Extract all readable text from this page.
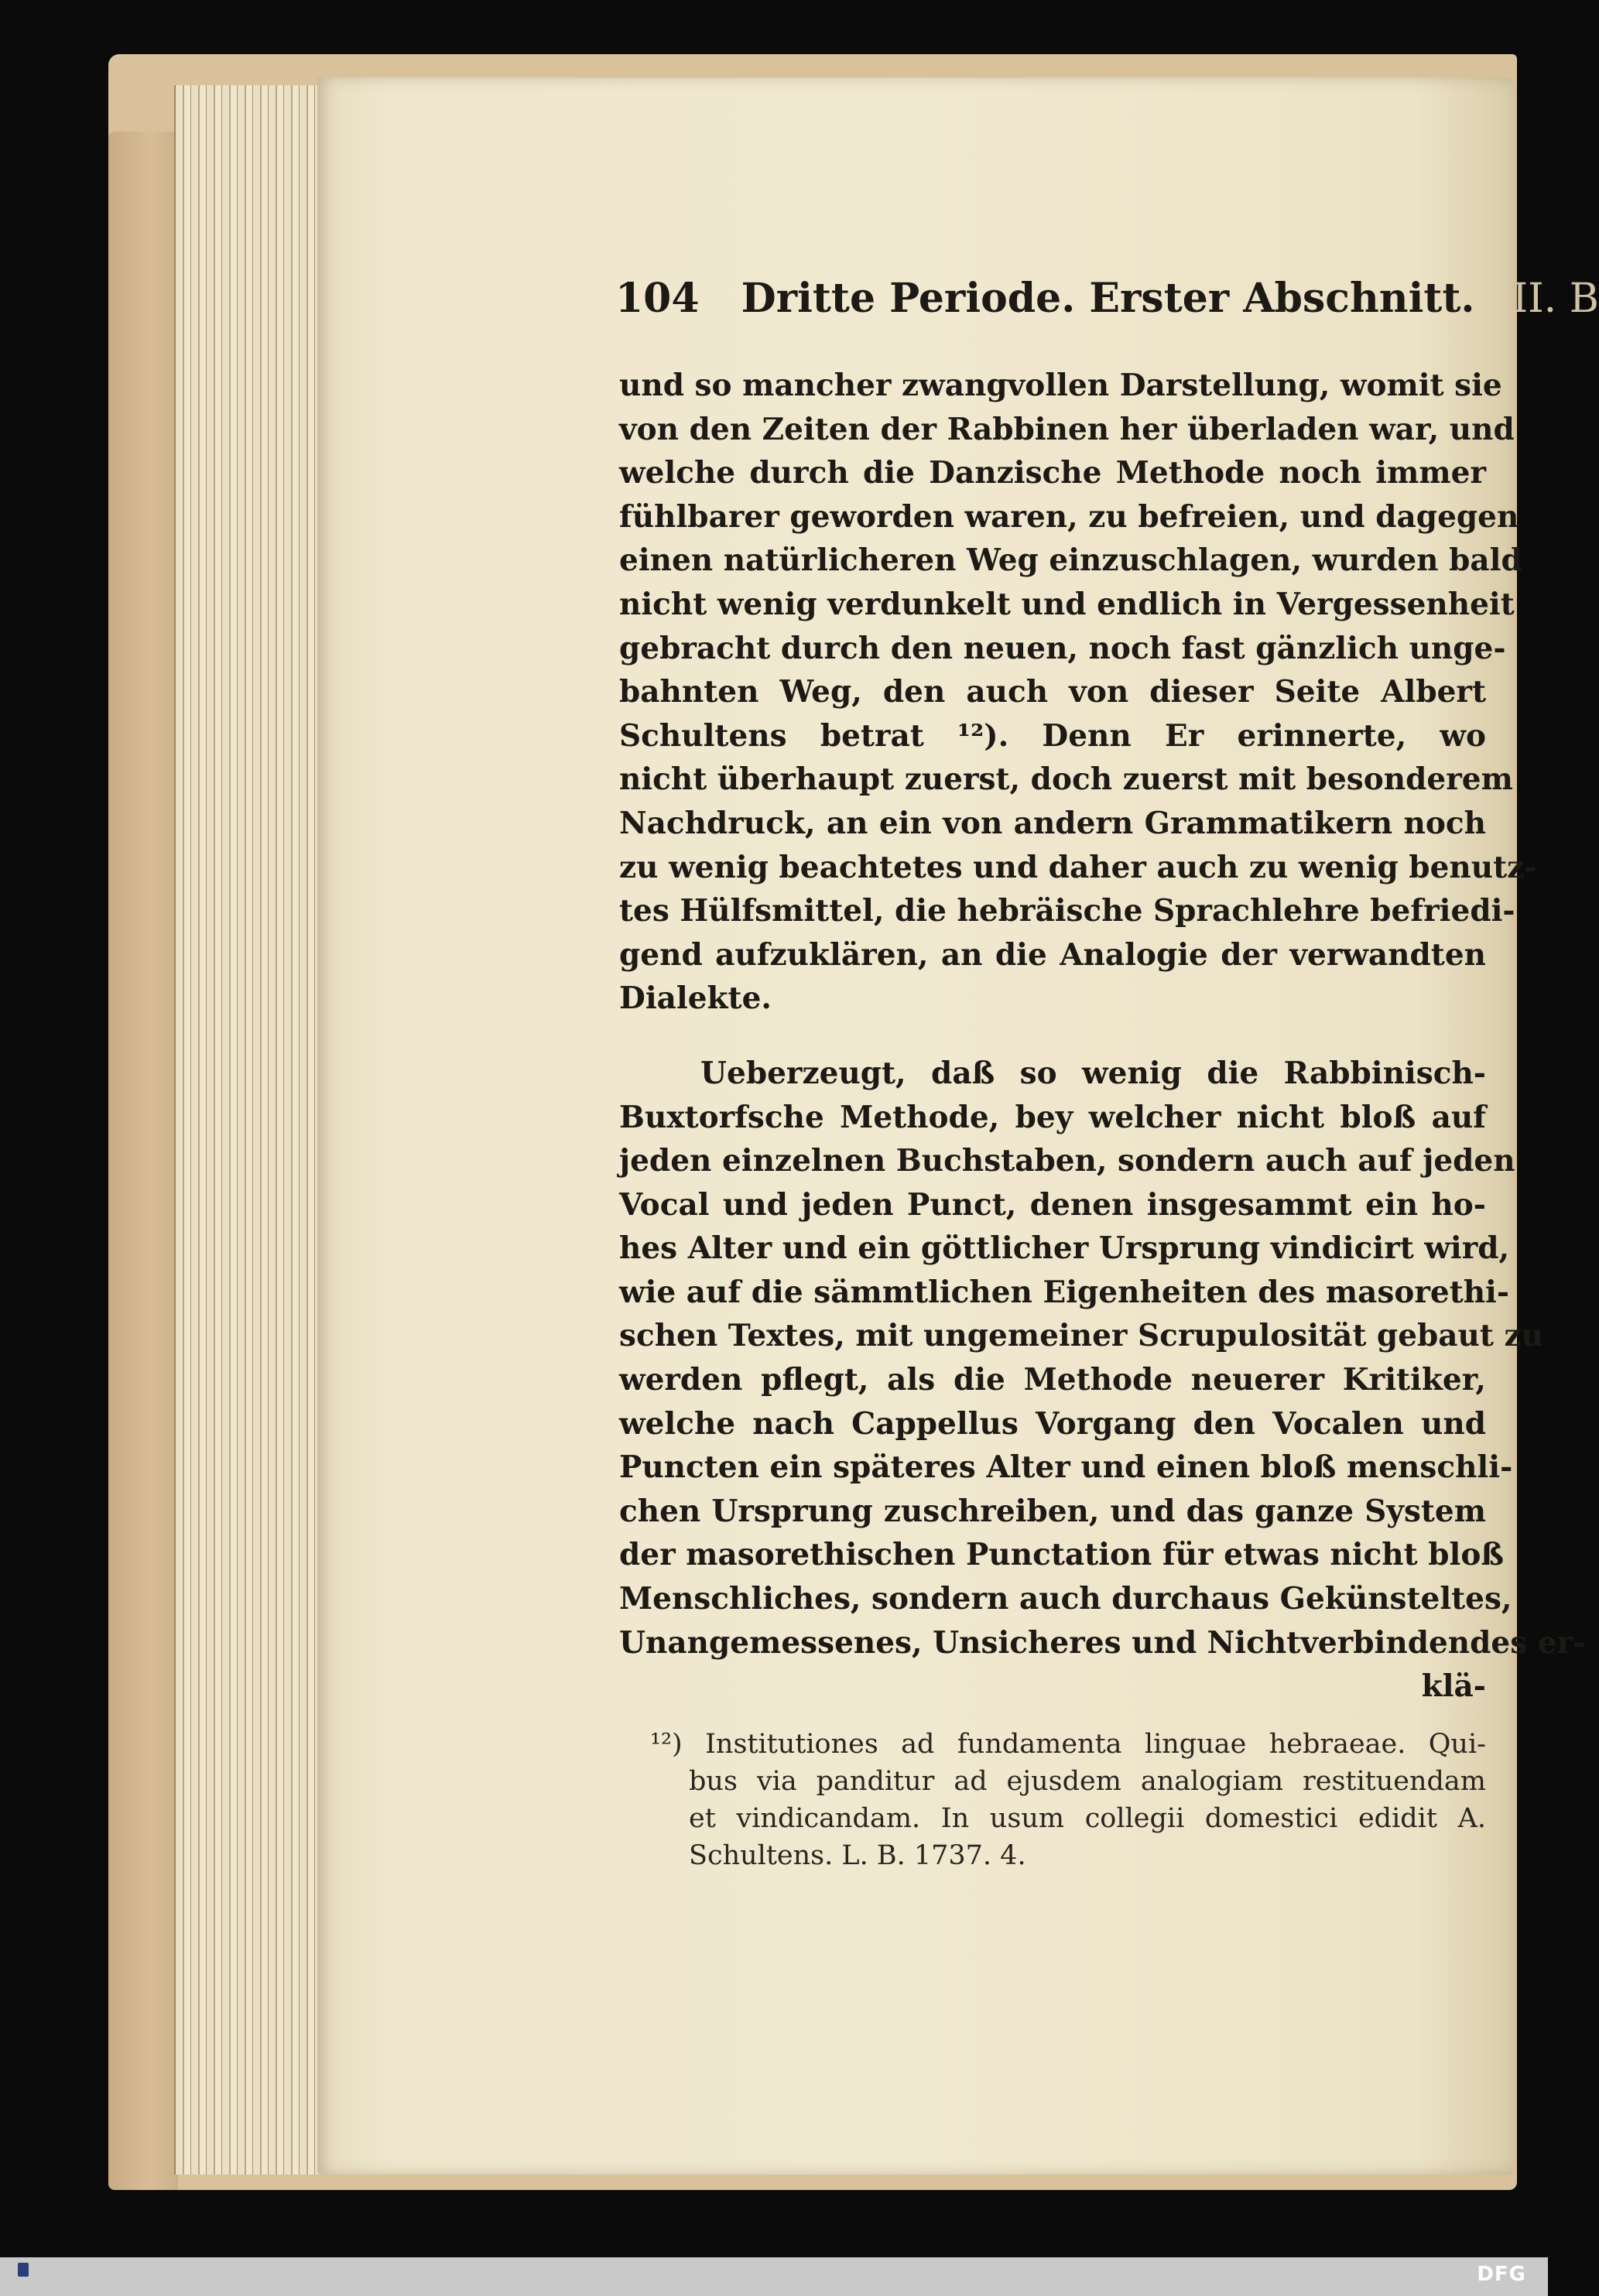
104 Dritte Periode. Erster Abschnitt. II. B
und so mancher zwangvollen Darstellung, womit sie
von den Zeiten der Rabbinen her überladen war, und
welche durch die Danzische Methode noch immer
fühlbarer geworden waren, zu befreien, und dagegen
einen natürlicheren Weg einzuschlagen, wurden bald
nicht wenig verdunkelt und endlich in Vergessenheit
gebracht durch den neuen, noch fast gänzlich unge-
bahnten Weg, den auch von dieser Seite Albert
Schultens betrat ¹²). Denn Er erinnerte, wo
nicht überhaupt zuerst, doch zuerst mit besonderem
Nachdruck, an ein von andern Grammatikern noch
zu wenig beachtetes und daher auch zu wenig benutz-
tes Hülfsmittel, die hebräische Sprachlehre befriedi-
gend aufzuklären, an die Analogie der verwandten
Dialekte.
Ueberzeugt, daß so wenig die Rabbinisch-
Buxtorfsche Methode, bey welcher nicht bloß auf
jeden einzelnen Buchstaben, sondern auch auf jeden
Vocal und jeden Punct, denen insgesammt ein ho-
hes Alter und ein göttlicher Ursprung vindicirt wird,
wie auf die sämmtlichen Eigenheiten des masorethi-
schen Textes, mit ungemeiner Scrupulosität gebaut zu
werden pflegt, als die Methode neuerer Kritiker,
welche nach Cappellus Vorgang den Vocalen und
Puncten ein späteres Alter und einen bloß menschli-
chen Ursprung zuschreiben, und das ganze System
der masorethischen Punctation für etwas nicht bloß
Menschliches, sondern auch durchaus Gekünsteltes,
Unangemessenes, Unsicheres und Nichtverbindendes er-
klä-
¹²) Institutiones ad fundamenta linguae hebraeae. Qui-
bus via panditur ad ejusdem analogiam restituendam
et vindicandam. In usum collegii domestici edidit A.
Schultens. L. B. 1737. 4.
DFG
